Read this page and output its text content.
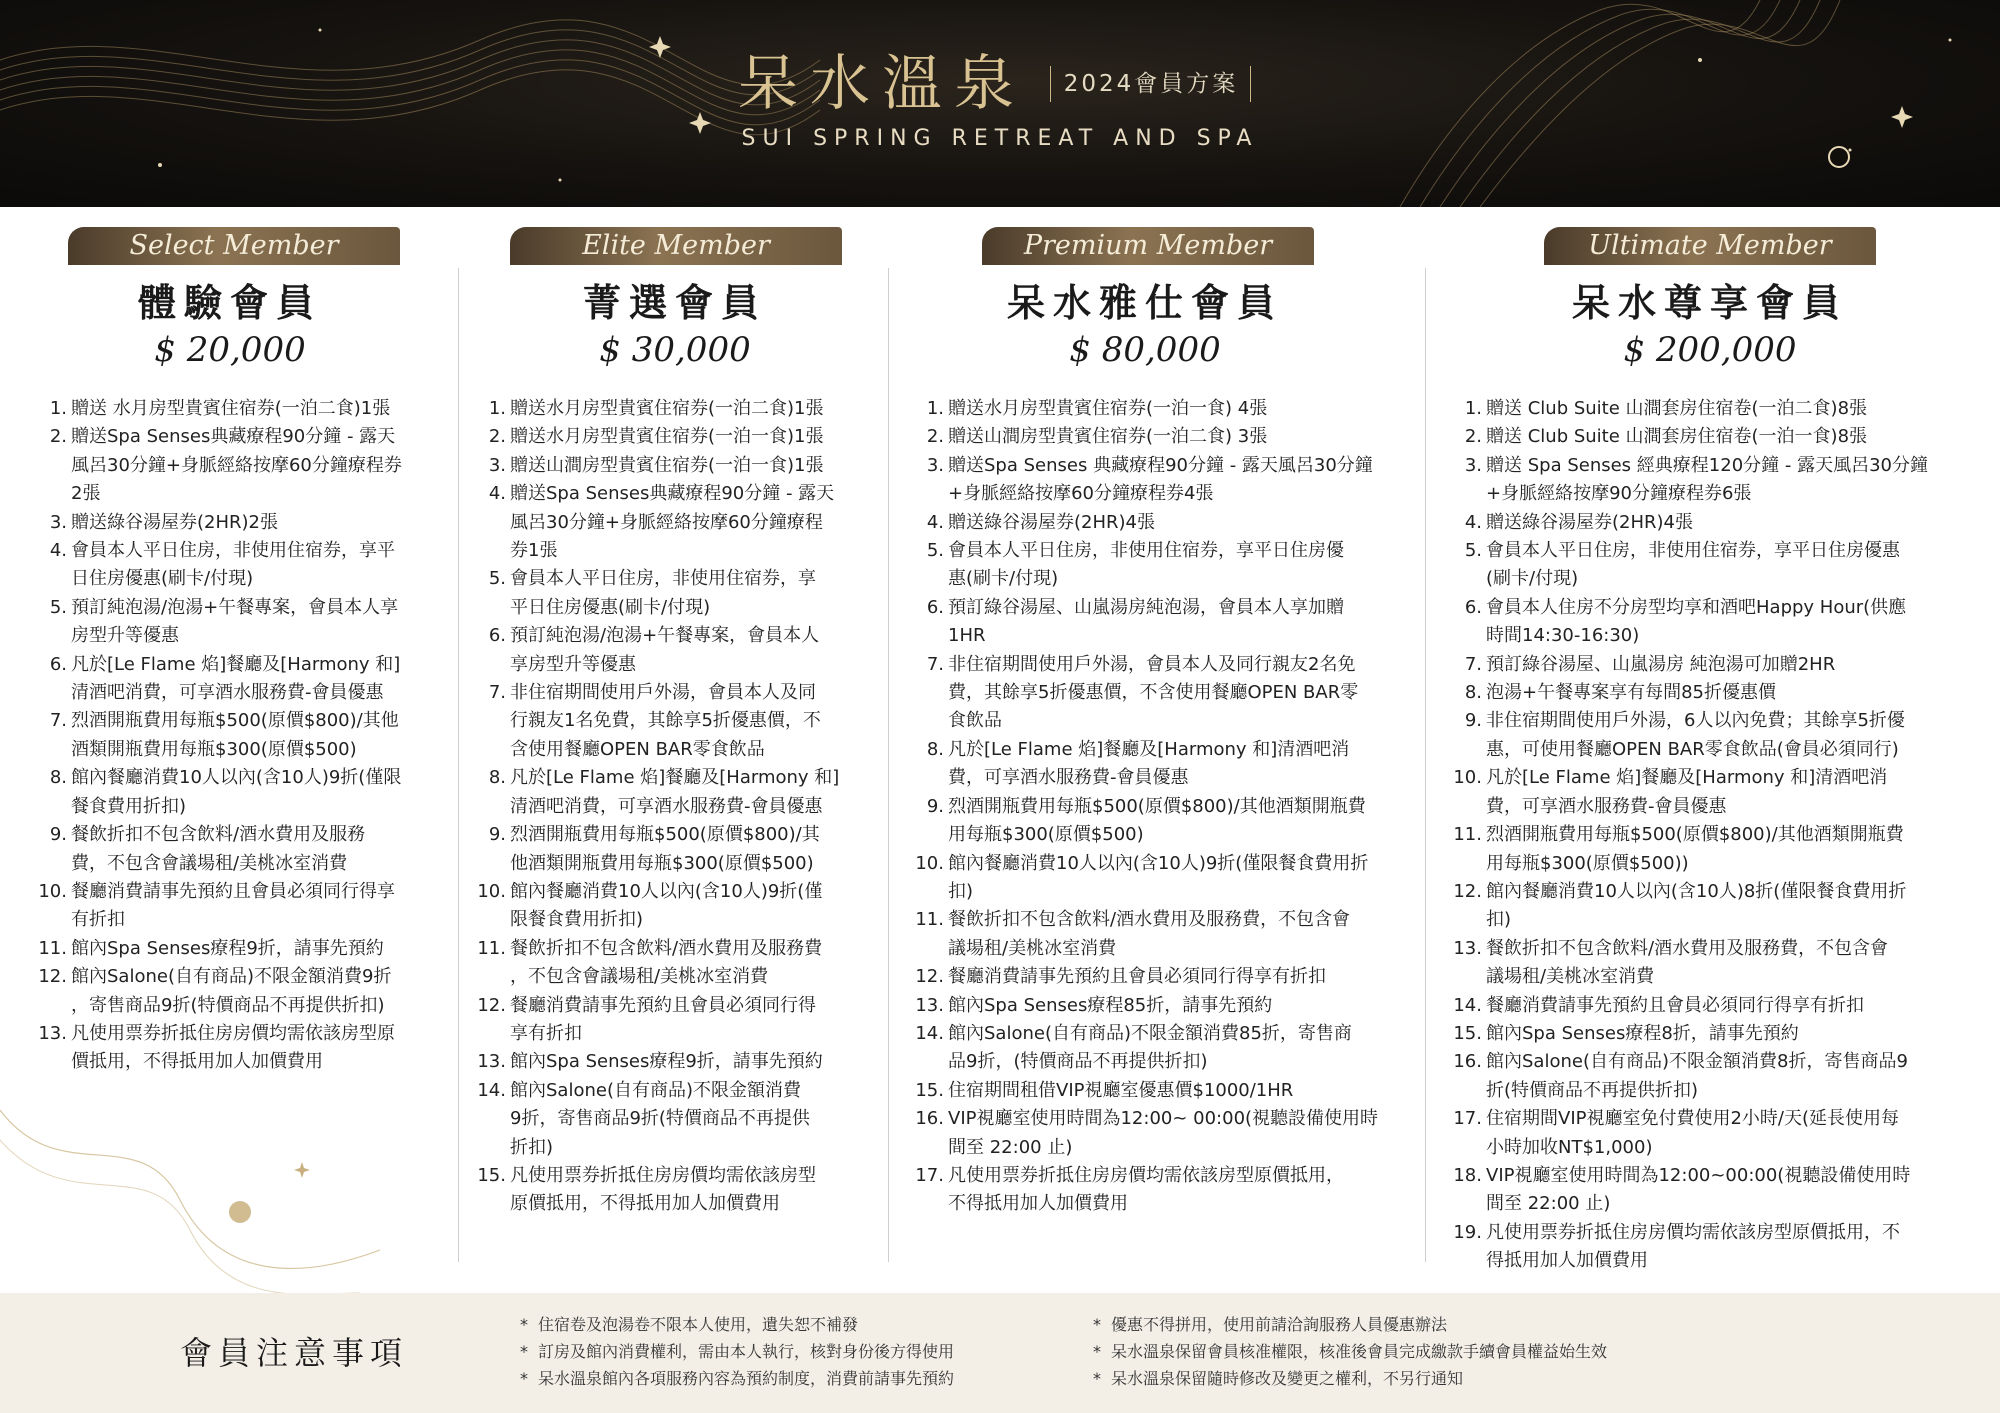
呆水溫泉	2024會員方案
SUI SPRING RETREAT AND SPA
Select Member
體驗會員
$ 20,000
1. 贈送 水月房型貴賓住宿券(一泊二食)1張
2. 贈送Spa Senses典藏療程90分鐘 - 露天
風呂30分鐘+身脈經絡按摩60分鐘療程券
2張
3. 贈送綠谷湯屋券(2HR)2張
4. 會員本人平日住房，非使用住宿券，享平
日住房優惠(刷卡/付現)
5. 預訂純泡湯/泡湯+午餐專案，會員本人享
房型升等優惠
6. 凡於[Le Flame 焰]餐廳及[Harmony 和]
清酒吧消費，可享酒水服務費-會員優惠
7. 烈酒開瓶費用每瓶$500(原價$800)/其他
酒類開瓶費用每瓶$300(原價$500)
8. 館內餐廳消費10人以內(含10人)9折(僅限
餐食費用折扣)
9. 餐飲折扣不包含飲料/酒水費用及服務
費，不包含會議場租/美桃冰室消費
10. 餐廳消費請事先預約且會員必須同行得享
有折扣
11. 館內Spa Senses療程9折，請事先預約
12. 館內Salone(自有商品)不限金額消費9折
，寄售商品9折(特價商品不再提供折扣)
13. 凡使用票券折抵住房房價均需依該房型原
價抵用，不得抵用加人加價費用
Elite Member
菁選會員
$ 30,000
1. 贈送水月房型貴賓住宿券(一泊二食)1張
2. 贈送水月房型貴賓住宿券(一泊一食)1張
3. 贈送山澗房型貴賓住宿券(一泊一食)1張
4. 贈送Spa Senses典藏療程90分鐘 - 露天
風呂30分鐘+身脈經絡按摩60分鐘療程
券1張
5. 會員本人平日住房，非使用住宿券，享
平日住房優惠(刷卡/付現)
6. 預訂純泡湯/泡湯+午餐專案，會員本人
享房型升等優惠
7. 非住宿期間使用戶外湯，會員本人及同
行親友1名免費，其餘享5折優惠價，不
含使用餐廳OPEN BAR零食飲品
8. 凡於[Le Flame 焰]餐廳及[Harmony 和]
清酒吧消費，可享酒水服務費-會員優惠
9. 烈酒開瓶費用每瓶$500(原價$800)/其
他酒類開瓶費用每瓶$300(原價$500)
10. 館內餐廳消費10人以內(含10人)9折(僅
限餐食費用折扣)
11. 餐飲折扣不包含飲料/酒水費用及服務費
，不包含會議場租/美桃冰室消費
12. 餐廳消費請事先預約且會員必須同行得
享有折扣
13. 館內Spa Senses療程9折，請事先預約
14. 館內Salone(自有商品)不限金額消費
9折，寄售商品9折(特價商品不再提供
折扣)
15. 凡使用票券折抵住房房價均需依該房型
原價抵用，不得抵用加人加價費用
Premium Member
呆水雅仕會員
$ 80,000
1. 贈送水月房型貴賓住宿券(一泊一食) 4張
2. 贈送山澗房型貴賓住宿券(一泊二食) 3張
3. 贈送Spa Senses 典藏療程90分鐘 - 露天風呂30分鐘
+身脈經絡按摩60分鐘療程券4張
4. 贈送綠谷湯屋券(2HR)4張
5. 會員本人平日住房，非使用住宿券，享平日住房優
惠(刷卡/付現)
6. 預訂綠谷湯屋、山嵐湯房純泡湯，會員本人享加贈
1HR
7. 非住宿期間使用戶外湯，會員本人及同行親友2名免
費，其餘享5折優惠價，不含使用餐廳OPEN BAR零
食飲品
8. 凡於[Le Flame 焰]餐廳及[Harmony 和]清酒吧消
費，可享酒水服務費-會員優惠
9. 烈酒開瓶費用每瓶$500(原價$800)/其他酒類開瓶費
用每瓶$300(原價$500)
10. 館內餐廳消費10人以內(含10人)9折(僅限餐食費用折
扣)
11. 餐飲折扣不包含飲料/酒水費用及服務費，不包含會
議場租/美桃冰室消費
12. 餐廳消費請事先預約且會員必須同行得享有折扣
13. 館內Spa Senses療程85折，請事先預約
14. 館內Salone(自有商品)不限金額消費85折，寄售商
品9折，(特價商品不再提供折扣)
15. 住宿期間租借VIP視廳室優惠價$1000/1HR
16. VIP視廳室使用時間為12:00~ 00:00(視聽設備使用時
間至 22:00 止)
17. 凡使用票券折抵住房房價均需依該房型原價抵用，
不得抵用加人加價費用
Ultimate Member
呆水尊享會員
$ 200,000
1. 贈送 Club Suite 山澗套房住宿卷(一泊二食)8張
2. 贈送 Club Suite 山澗套房住宿卷(一泊一食)8張
3. 贈送 Spa Senses 經典療程120分鐘 - 露天風呂30分鐘
+身脈經絡按摩90分鐘療程券6張
4. 贈送綠谷湯屋券(2HR)4張
5. 會員本人平日住房，非使用住宿券，享平日住房優惠
(刷卡/付現)
6. 會員本人住房不分房型均享和酒吧Happy Hour(供應
時間14:30-16:30)
7. 預訂綠谷湯屋、山嵐湯房 純泡湯可加贈2HR
8. 泡湯+午餐專案享有每間85折優惠價
9. 非住宿期間使用戶外湯，6人以內免費；其餘享5折優
惠，可使用餐廳OPEN BAR零食飲品(會員必須同行)
10. 凡於[Le Flame 焰]餐廳及[Harmony 和]清酒吧消
費，可享酒水服務費-會員優惠
11. 烈酒開瓶費用每瓶$500(原價$800)/其他酒類開瓶費
用每瓶$300(原價$500))
12. 館內餐廳消費10人以內(含10人)8折(僅限餐食費用折
扣)
13. 餐飲折扣不包含飲料/酒水費用及服務費，不包含會
議場租/美桃冰室消費
14. 餐廳消費請事先預約且會員必須同行得享有折扣
15. 館內Spa Senses療程8折，請事先預約
16. 館內Salone(自有商品)不限金額消費8折，寄售商品9
折(特價商品不再提供折扣)
17. 住宿期間VIP視廳室免付費使用2小時/天(延長使用每
小時加收NT$1,000)
18. VIP視廳室使用時間為12:00~00:00(視聽設備使用時
間至 22:00 止)
19. 凡使用票券折抵住房房價均需依該房型原價抵用，不
得抵用加人加價費用
會員注意事項
* 住宿卷及泡湯卷不限本人使用，遺失恕不補發
* 訂房及館內消費權利，需由本人執行，核對身份後方得使用
* 呆水溫泉館內各項服務內容為預約制度，消費前請事先預約
* 優惠不得拼用，使用前請洽詢服務人員優惠辦法
* 呆水溫泉保留會員核准權限，核准後會員完成繳款手續會員權益始生效
* 呆水溫泉保留隨時修改及變更之權利，不另行通知
